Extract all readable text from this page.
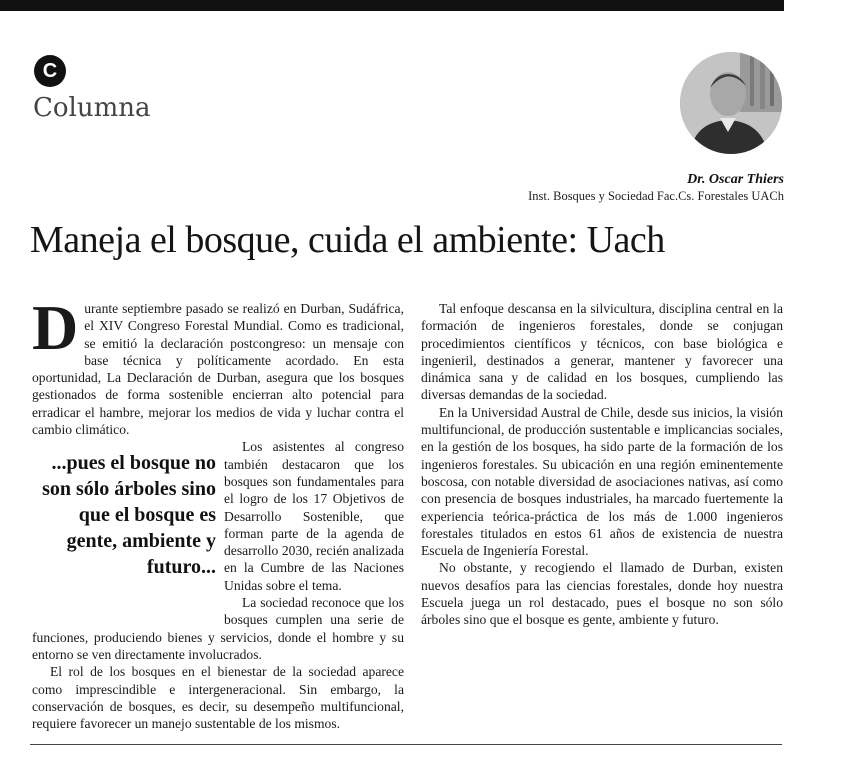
C
Columna
Dr. Oscar Thiers
Inst. Bosques y Sociedad Fac.Cs. Forestales UACh
Maneja el bosque, cuida el ambiente: Uach

Durante septiembre pasado se realizó en Durban, Sudáfrica, el XIV Congreso Forestal Mundial. Como es tradicional, se emitió la declaración postcongreso: un mensaje con base técnica y políticamente acordado. En esta oportunidad, La Declaración de Durban, asegura que los bosques gestionados de forma sostenible encierran alto potencial para erradicar el hambre, mejorar los medios de vida y luchar contra el cambio climático.

Los asistentes al congreso también destacaron que los bosques son fundamentales para el logro de los 17 Objetivos de Desarrollo Sostenible, que forman parte de la agenda de desarrollo 2030, recién analizada en la Cumbre de las Naciones Unidas sobre el tema.

La sociedad reconoce que los bosques cumplen una serie de funciones, produciendo bienes y servicios, donde el hombre y su entorno se ven directamente involucrados.

El rol de los bosques en el bienestar de la sociedad aparece como imprescindible e intergeneracional. Sin embargo, la conservación de bosques, es decir, su desempeño multifuncional, requiere favorecer un manejo sustentable de los mismos.

...pues el bosque no son sólo árboles sino que el bosque es gente, ambiente y futuro...

Tal enfoque descansa en la silvicultura, disciplina central en la formación de ingenieros forestales, donde se conjugan procedimientos científicos y técnicos, con base biológica e ingenieril, destinados a generar, mantener y favorecer una dinámica sana y de calidad en los bosques, cumpliendo las diversas demandas de la sociedad.

En la Universidad Austral de Chile, desde sus inicios, la visión multifuncional, de producción sustentable e implicancias sociales, en la gestión de los bosques, ha sido parte de la formación de los ingenieros forestales. Su ubicación en una región eminentemente boscosa, con notable diversidad de asociaciones nativas, así como con presencia de bosques industriales, ha marcado fuertemente la experiencia teórica-práctica de los más de 1.000 ingenieros forestales titulados en estos 61 años de existencia de nuestra Escuela de Ingeniería Forestal.

No obstante, y recogiendo el llamado de Durban, existen nuevos desafíos para las ciencias forestales, donde hoy nuestra Escuela juega un rol destacado, pues el bosque no son sólo árboles sino que el bosque es gente, ambiente y futuro.
